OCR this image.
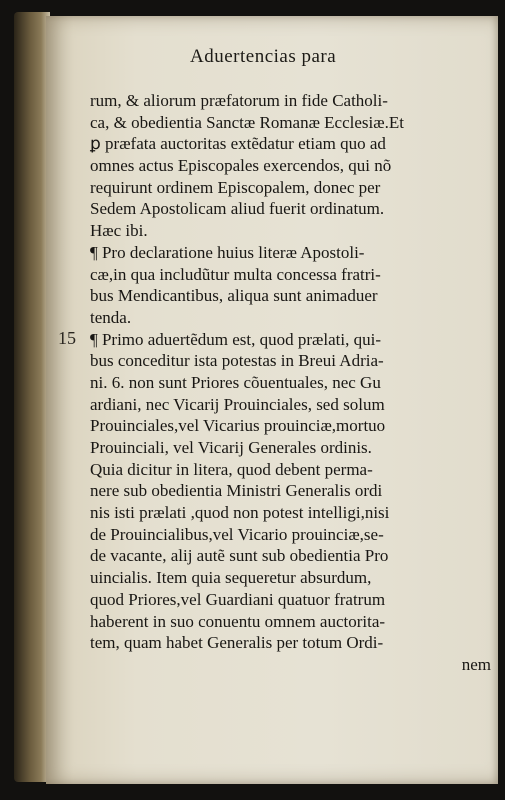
Aduertencias para
15
rum, & aliorum præfatorum in fide Catholi-
ca, & obedientia Sanctæ Romanæ Ecclesiæ.Et
ꝑ præfata auctoritas extẽdatur etiam quo ad
omnes actus Episcopales exercendos, qui nõ
requirunt ordinem Episcopalem, donec per
Sedem Apostolicam aliud fuerit ordinatum.
Hæc ibi.
¶ Pro declaratione huius literæ Apostoli-
cæ,in qua includũtur multa concessa fratri-
bus Mendicantibus, aliqua sunt animaduer
tenda.
¶ Primo aduertẽdum est, quod prælati, qui-
bus conceditur ista potestas in Breui Adria-
ni. 6. non sunt Priores cõuentuales, nec Gu
ardiani, nec Vicarij Prouinciales, sed solum
Prouinciales,vel Vicarius prouinciæ,mortuo
Prouinciali, vel Vicarij Generales ordinis.
Quia dicitur in litera, quod debent perma-
nere sub obedientia Ministri Generalis ordi
nis isti prælati ,quod non potest intelligi,nisi
de Prouincialibus,vel Vicario prouinciæ,se-
de vacante, alij autẽ sunt sub obedientia Pro
uincialis. Item quia sequeretur absurdum,
quod Priores,vel Guardiani quatuor fratrum
haberent in suo conuentu omnem auctorita-
tem, quam habet Generalis per totum Ordi-
nem
